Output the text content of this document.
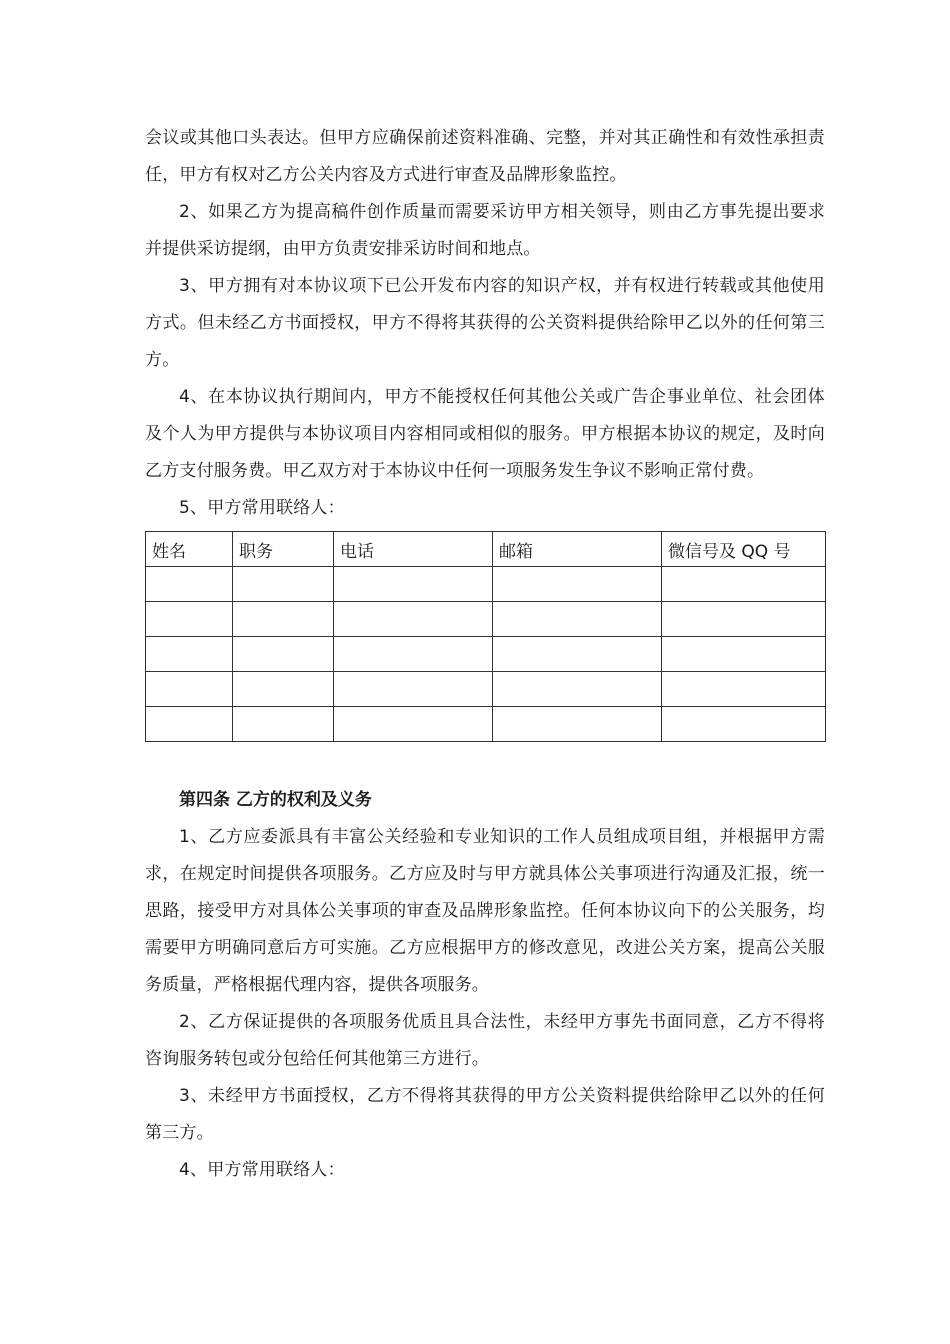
会议或其他口头表达。但甲方应确保前述资料准确、完整，并对其正确性和有效性承担责任，甲方有权对乙方公关内容及方式进行审查及品牌形象监控。

2、如果乙方为提高稿件创作质量而需要采访甲方相关领导，则由乙方事先提出要求并提供采访提纲，由甲方负责安排采访时间和地点。

3、甲方拥有对本协议项下已公开发布内容的知识产权，并有权进行转载或其他使用方式。但未经乙方书面授权，甲方不得将其获得的公关资料提供给除甲乙以外的任何第三方。

4、在本协议执行期间内，甲方不能授权任何其他公关或广告企事业单位、社会团体及个人为甲方提供与本协议项目内容相同或相似的服务。甲方根据本协议的规定，及时向乙方支付服务费。甲乙双方对于本协议中任何一项服务发生争议不影响正常付费。

5、甲方常用联络人：

姓名	职务	电话	邮箱	微信号及 QQ 号

第四条 乙方的权利及义务

1、乙方应委派具有丰富公关经验和专业知识的工作人员组成项目组，并根据甲方需求，在规定时间提供各项服务。乙方应及时与甲方就具体公关事项进行沟通及汇报，统一思路，接受甲方对具体公关事项的审查及品牌形象监控。任何本协议向下的公关服务，均需要甲方明确同意后方可实施。乙方应根据甲方的修改意见，改进公关方案，提高公关服务质量，严格根据代理内容，提供各项服务。

2、乙方保证提供的各项服务优质且具合法性，未经甲方事先书面同意，乙方不得将咨询服务转包或分包给任何其他第三方进行。

3、未经甲方书面授权，乙方不得将其获得的甲方公关资料提供给除甲乙以外的任何第三方。

4、甲方常用联络人：
